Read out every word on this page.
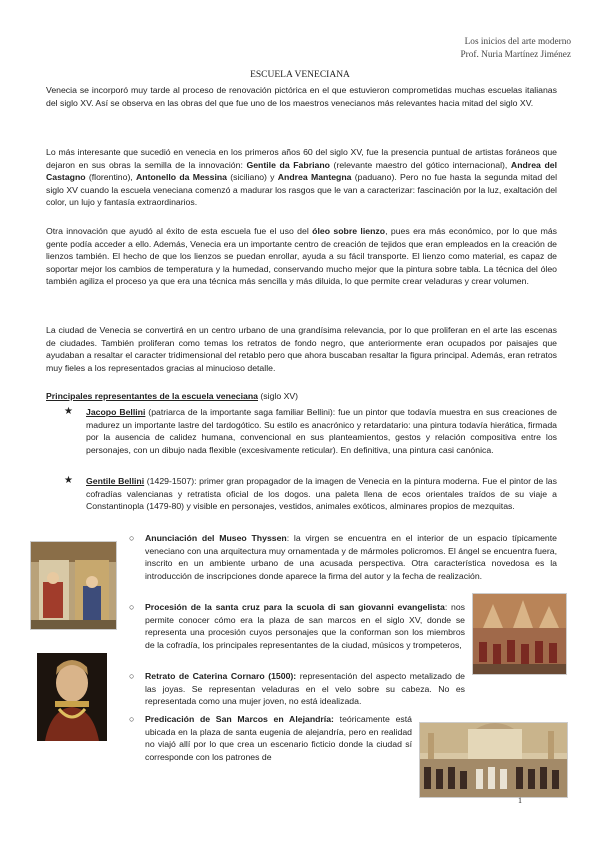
Los inicios del arte moderno
Prof. Nuria Martínez Jiménez
ESCUELA VENECIANA
Venecia se incorporó muy tarde al proceso de renovación pictórica en el que estuvieron comprometidas muchas escuelas italianas del siglo XV. Así se observa en las obras del que fue uno de los maestros venecianos más relevantes hacia mitad del siglo XV.
Lo más interesante que sucedió en venecia en los primeros años 60 del siglo XV, fue la presencia puntual de artistas foráneos que dejaron en sus obras la semilla de la innovación: Gentile da Fabriano (relevante maestro del gótico internacional), Andrea del Castagno (florentino), Antonello da Messina (siciliano) y Andrea Mantegna (paduano). Pero no fue hasta la segunda mitad del siglo XV cuando la escuela veneciana comenzó a madurar los rasgos que le van a caracterizar: fascinación por la luz, exaltación del color, un lujo y fantasía extraordinarios.
Otra innovación que ayudó al éxito de esta escuela fue el uso del óleo sobre lienzo, pues era más económico, por lo que más gente podía acceder a ello. Además, Venecia era un importante centro de creación de tejidos que eran empleados en la creación de lienzos también. El hecho de que los lienzos se puedan enrollar, ayuda a su fácil transporte. El lienzo como material, es capaz de soportar mejor los cambios de temperatura y la humedad, conservando mucho mejor que la pintura sobre tabla. La técnica del óleo también agiliza el proceso ya que era una técnica más sencilla y más diluida, lo que permite crear veladuras y crear volumen.
La ciudad de Venecia se convertirá en un centro urbano de una grandísima relevancia, por lo que proliferan en el arte las escenas de ciudades. También proliferan como temas los retratos de fondo negro, que anteriormente eran ocupados por paisajes que ayudaban a resaltar el caracter tridimensional del retablo pero que ahora buscaban resaltar la figura principal. Además, eran retratos muy fieles a los representados gracias al minucioso detalle.
Principales representantes de la escuela veneciana (siglo XV)
★ Jacopo Bellini (patriarca de la importante saga familiar Bellini): fue un pintor que todavía muestra en sus creaciones de madurez un importante lastre del tardogótico. Su estilo es anacrónico y retardatario: una pintura todavía hierática, firmada por la ausencia de calidez humana, convencional en sus planteamientos, gestos y relación compositiva entre los personajes, con un dibujo nada flexible (excesivamente reticular). En definitiva, una pintura casi canónica.
★ Gentile Bellini (1429-1507): primer gran propagador de la imagen de Venecia en la pintura moderna. Fue el pintor de las cofradías valencianas y retratista oficial de los dogos. una paleta llena de ecos orientales traídos de su viaje a Constantinopla (1479-80) y visible en personajes, vestidos, animales exóticos, alminares propios de mezquitas.
○ Anunciación del Museo Thyssen: la virgen se encuentra en el interior de un espacio típicamente veneciano con una arquitectura muy ornamentada y de mármoles policromos. El ángel se encuentra fuera, inscrito en un ambiente urbano de una acusada perspectiva. Otra característica novedosa es la introducción de inscripciones donde aparece la firma del autor y la fecha de realización.
○ Procesión de la santa cruz para la scuola di san giovanni evangelista: nos permite conocer cómo era la plaza de san marcos en el siglo XV, donde se representa una procesión cuyos personajes que la conforman son los miembros de la cofradía, los principales representantes de la ciudad, músicos y trompeteros,
○ Retrato de Caterina Cornaro (1500): representación del aspecto metalizado de las joyas. Se representan veladuras en el velo sobre su cabeza. No es representada como una mujer joven, no está idealizada.
○ Predicación de San Marcos en Alejandría: teóricamente está ubicada en la plaza de santa eugenia de alejandría, pero en realidad no viajó allí por lo que crea un escenario ficticio donde la ciudad sí corresponde con los patrones de
1
